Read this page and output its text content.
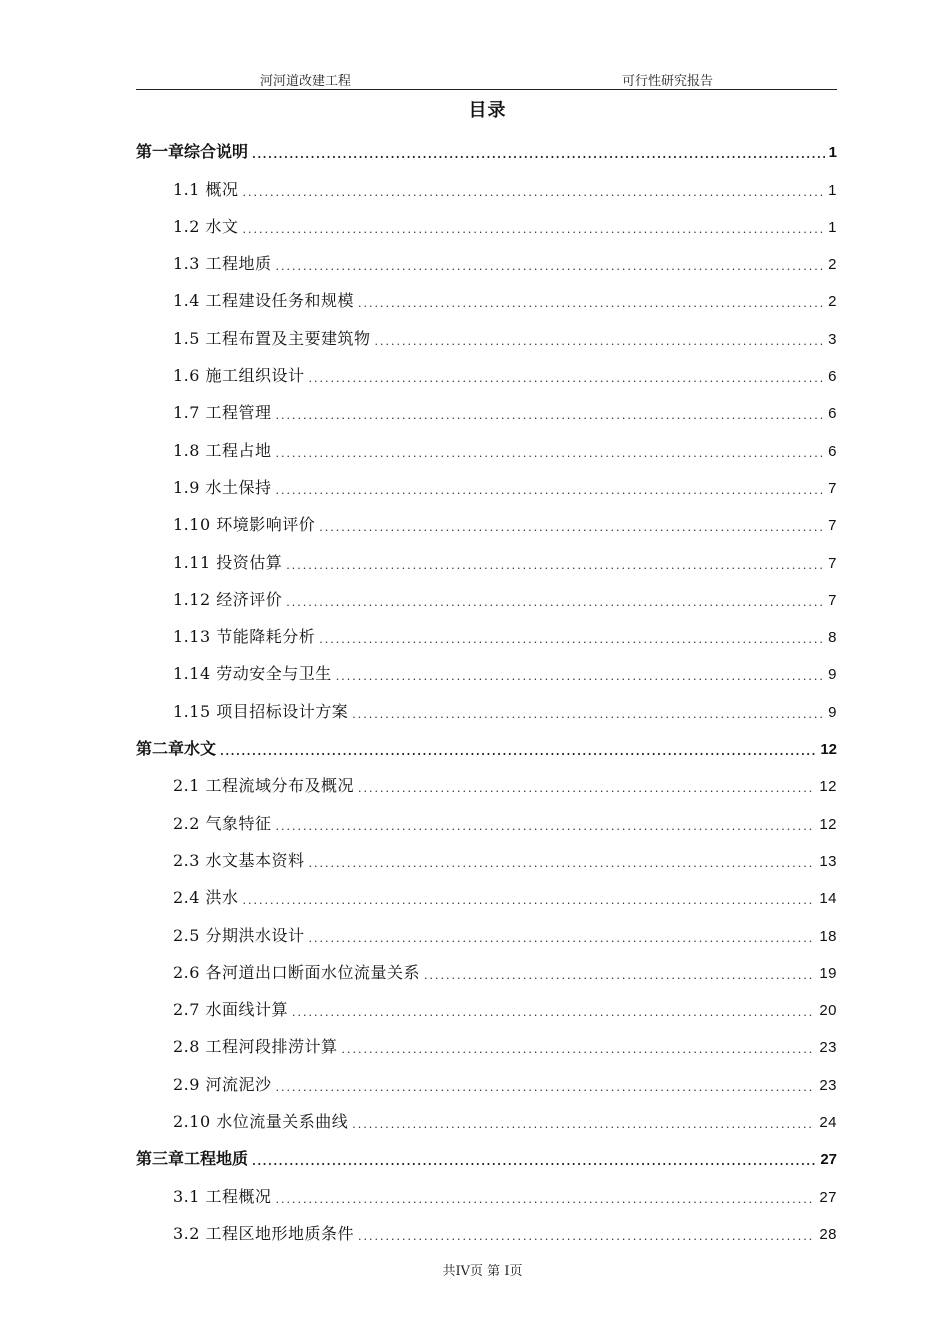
河河道改建工程	可行性研究报告
目录
第一章综合说明 .....	1
1.1 概况 .....	1
1.2 水文 .....	1
1.3 工程地质 .....	2
1.4 工程建设任务和规模 .....	2
1.5 工程布置及主要建筑物 .....	3
1.6 施工组织设计 .....	6
1.7 工程管理 .....	6
1.8 工程占地 .....	6
1.9 水土保持 .....	7
1.10 环境影响评价 .....	7
1.11 投资估算 .....	7
1.12 经济评价 .....	7
1.13 节能降耗分析 .....	8
1.14 劳动安全与卫生 .....	9
1.15 项目招标设计方案 .....	9
第二章水文 .....	12
2.1 工程流域分布及概况 .....	12
2.2 气象特征 .....	12
2.3 水文基本资料 .....	13
2.4 洪水 .....	14
2.5 分期洪水设计 .....	18
2.6 各河道出口断面水位流量关系 .....	19
2.7 水面线计算 .....	20
2.8 工程河段排涝计算 .....	23
2.9 河流泥沙 .....	23
2.10 水位流量关系曲线 .....	24
第三章工程地质 .....	27
3.1 工程概况 .....	27
3.2 工程区地形地质条件 .....	28
共IV页 第 I页
